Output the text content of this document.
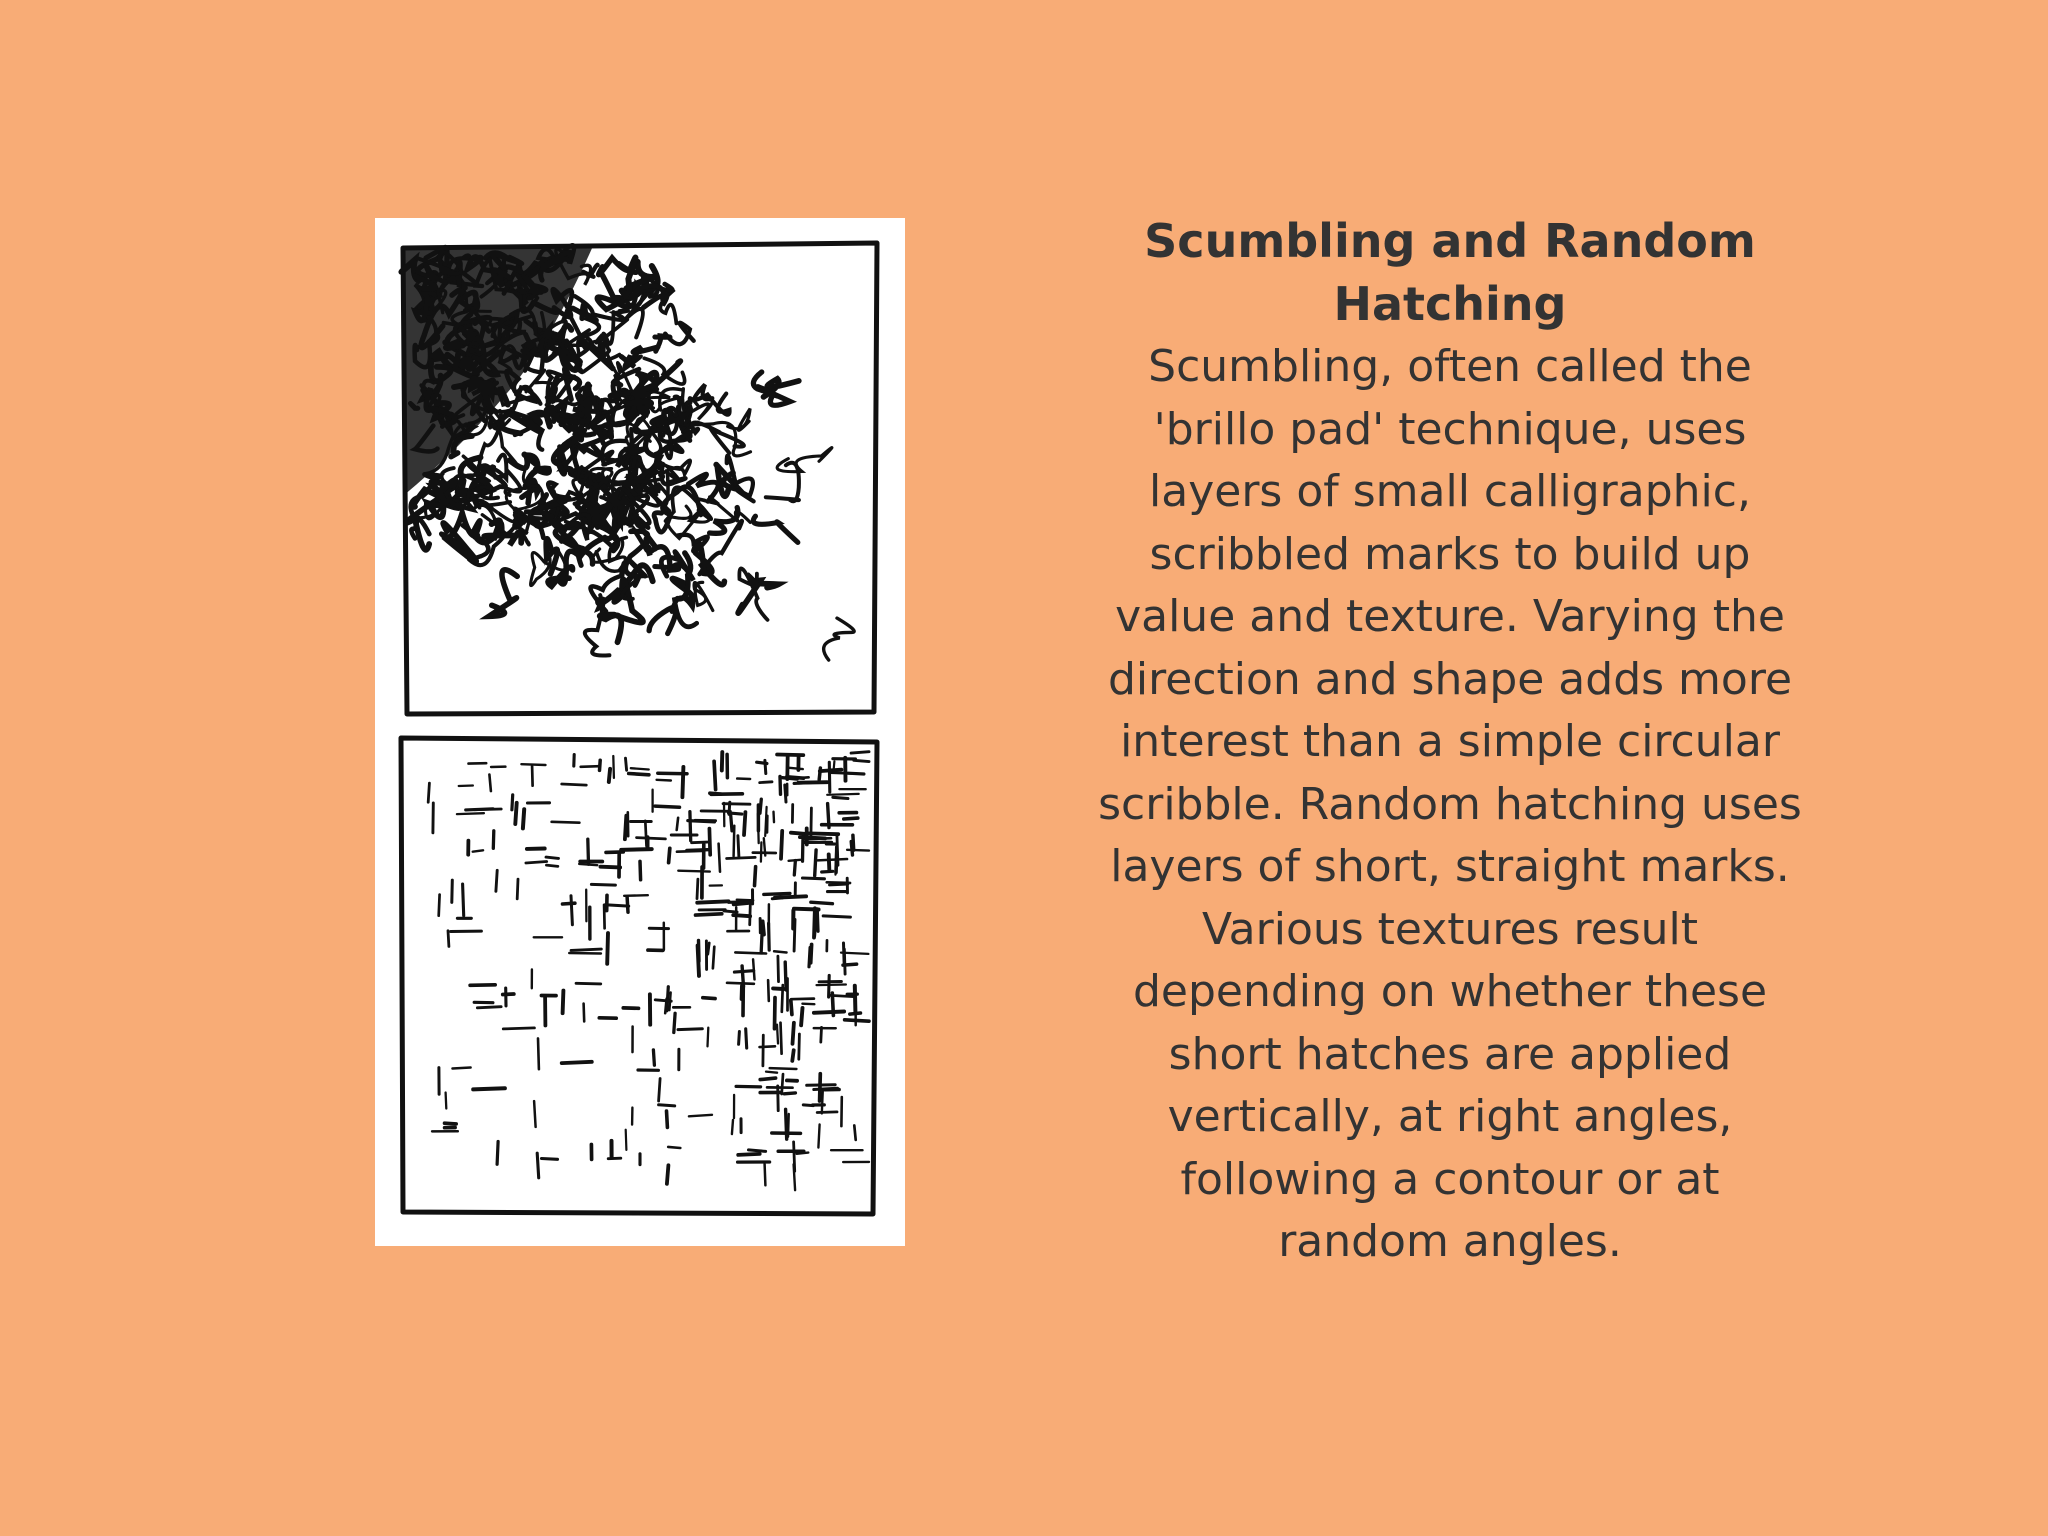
Scumbling and Random Hatching

Scumbling, often called the 'brillo pad' technique, uses layers of small calligraphic, scribbled marks to build up value and texture. Varying the direction and shape adds more interest than a simple circular scribble. Random hatching uses layers of short, straight marks. Various textures result depending on whether these short hatches are applied vertically, at right angles, following a contour or at random angles.
